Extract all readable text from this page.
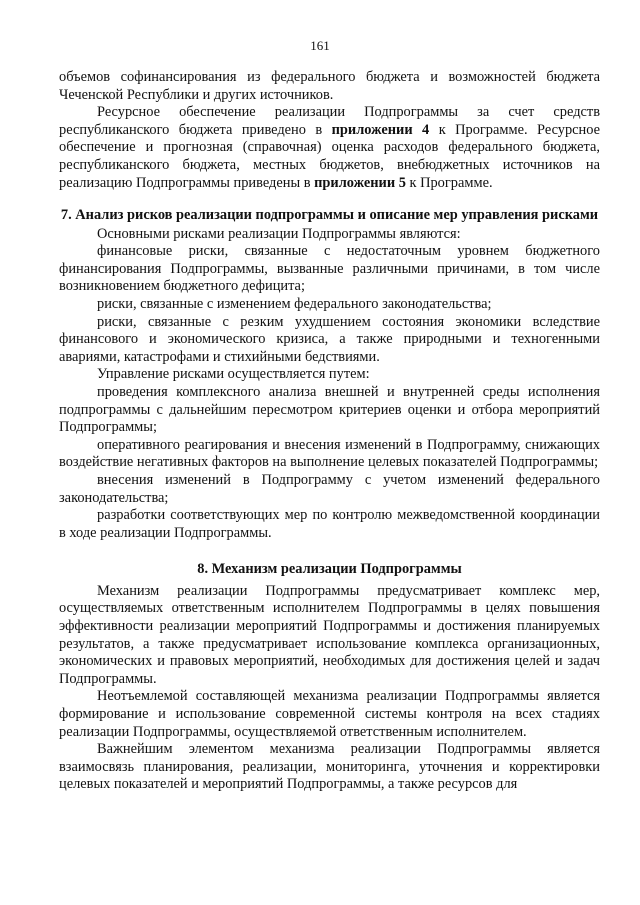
161

объемов софинансирования из федерального бюджета и возможностей бюджета Чеченской Республики и других источников.

Ресурсное обеспечение реализации Подпрограммы за счет средств республиканского бюджета приведено в приложении 4 к Программе. Ресурсное обеспечение и прогнозная (справочная) оценка расходов федерального бюджета, республиканского бюджета, местных бюджетов, внебюджетных источников на реализацию Подпрограммы приведены в приложении 5 к Программе.

7. Анализ рисков реализации подпрограммы и описание мер управления рисками

Основными рисками реализации Подпрограммы являются:

финансовые риски, связанные с недостаточным уровнем бюджетного финансирования Подпрограммы, вызванные различными причинами, в том числе возникновением бюджетного дефицита;

риски, связанные с изменением федерального законодательства;

риски, связанные с резким ухудшением состояния экономики вследствие финансового и экономического кризиса, а также природными и техногенными авариями, катастрофами и стихийными бедствиями.

Управление рисками осуществляется путем:

проведения комплексного анализа внешней и внутренней среды исполнения подпрограммы с дальнейшим пересмотром критериев оценки и отбора мероприятий Подпрограммы;

оперативного реагирования и внесения изменений в Подпрограмму, снижающих воздействие негативных факторов на выполнение целевых показателей Подпрограммы;

внесения изменений в Подпрограмму с учетом изменений федерального законодательства;

разработки соответствующих мер по контролю межведомственной координации в ходе реализации Подпрограммы.

8. Механизм реализации Подпрограммы

Механизм реализации Подпрограммы предусматривает комплекс мер, осуществляемых ответственным исполнителем Подпрограммы в целях повышения эффективности реализации мероприятий Подпрограммы и достижения планируемых результатов, а также предусматривает использование комплекса организационных, экономических и правовых мероприятий, необходимых для достижения целей и задач Подпрограммы.

Неотъемлемой составляющей механизма реализации Подпрограммы является формирование и использование современной системы контроля на всех стадиях реализации Подпрограммы, осуществляемой ответственным исполнителем.

Важнейшим элементом механизма реализации Подпрограммы является взаимосвязь планирования, реализации, мониторинга, уточнения и корректировки целевых показателей и мероприятий Подпрограммы, а также ресурсов для
